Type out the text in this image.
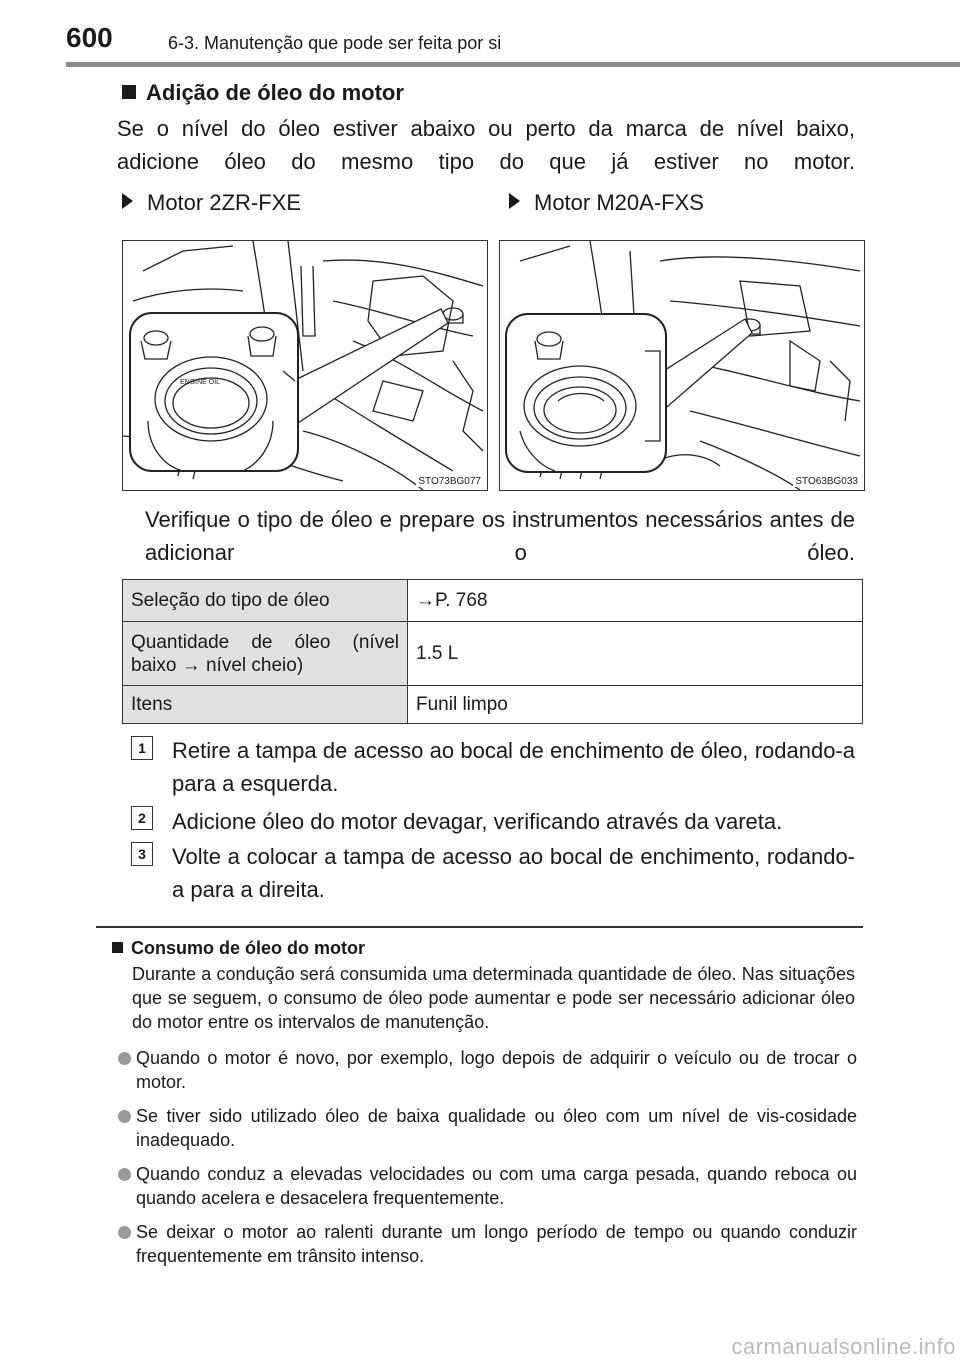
600	6-3. Manutenção que pode ser feita por si
Adição de óleo do motor
Se o nível do óleo estiver abaixo ou perto da marca de nível baixo, adicione óleo do mesmo tipo do que já estiver no motor.
Motor 2ZR-FXE	Motor M20A-FXS
ENGINE OIL
STO73BG077	STO63BG033
Verifique o tipo de óleo e prepare os instrumentos necessários antes de adicionar o óleo.
Seleção do tipo de óleo	→P. 768
Quantidade de óleo (nível baixo → nível cheio)	1.5 L
Itens	Funil limpo
1	Retire a tampa de acesso ao bocal de enchimento de óleo, rodando-a para a esquerda.
2	Adicione óleo do motor devagar, verificando através da vareta.
3	Volte a colocar a tampa de acesso ao bocal de enchimento, rodando-a para a direita.
Consumo de óleo do motor
Durante a condução será consumida uma determinada quantidade de óleo. Nas situações que se seguem, o consumo de óleo pode aumentar e pode ser necessário adicionar óleo do motor entre os intervalos de manutenção.
Quando o motor é novo, por exemplo, logo depois de adquirir o veículo ou de trocar o motor.
Se tiver sido utilizado óleo de baixa qualidade ou óleo com um nível de vis-cosidade inadequado.
Quando conduz a elevadas velocidades ou com uma carga pesada, quando reboca ou quando acelera e desacelera frequentemente.
Se deixar o motor ao ralenti durante um longo período de tempo ou quando conduzir frequentemente em trânsito intenso.
carmanualsonline.info
